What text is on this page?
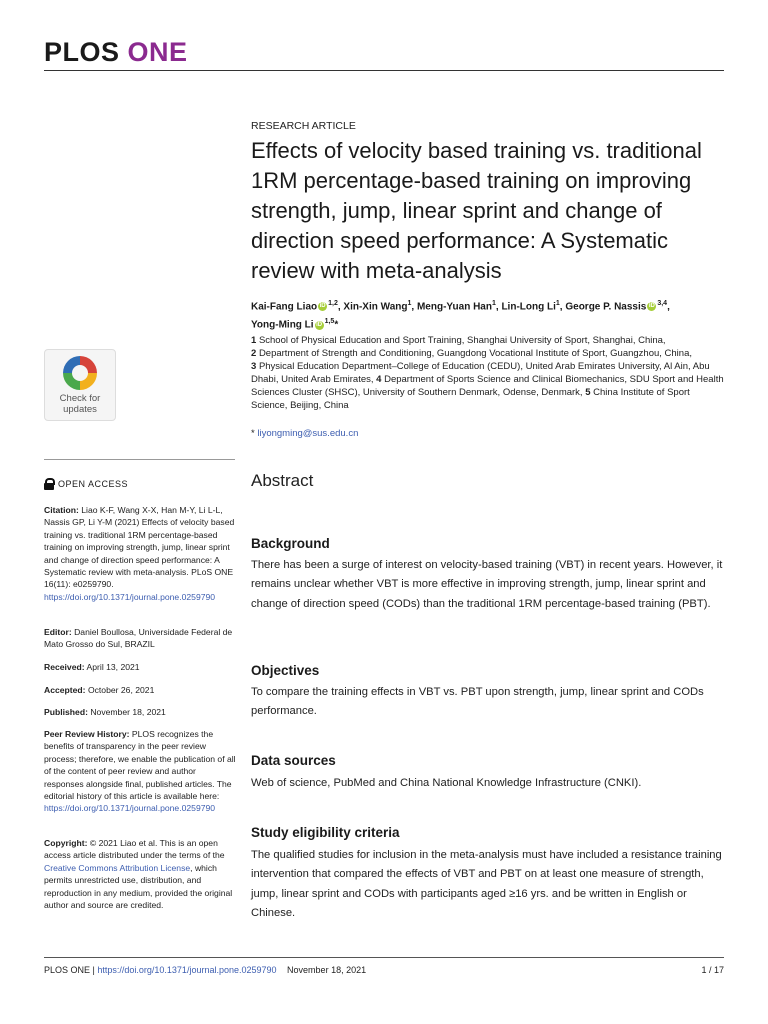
PLOS ONE
RESEARCH ARTICLE
Effects of velocity based training vs. traditional 1RM percentage-based training on improving strength, jump, linear sprint and change of direction speed performance: A Systematic review with meta-analysis
Kai-Fang Liao iD $^{1,2}$, Xin-Xin Wang$^1$, Meng-Yuan Han$^1$, Lin-Long Li$^1$, George P. Nassis iD $^{3,4}$,
Yong-Ming Li iD $^{1,5}$*
1 School of Physical Education and Sport Training, Shanghai University of Sport, Shanghai, China,
2 Department of Strength and Conditioning, Guangdong Vocational Institute of Sport, Guangzhou, China,
3 Physical Education Department–College of Education (CEDU), United Arab Emirates University, Al Ain, Abu Dhabi, United Arab Emirates, 4 Department of Sports Science and Clinical Biomechanics, SDU Sport and Health Sciences Cluster (SHSC), University of Southern Denmark, Odense, Denmark, 5 China Institute of Sport Science, Beijing, China
* liyongming@sus.edu.cn
Check for
updates
OPEN ACCESS
Citation: Liao K-F, Wang X-X, Han M-Y, Li L-L, Nassis GP, Li Y-M (2021) Effects of velocity based training vs. traditional 1RM percentage-based training on improving strength, jump, linear sprint and change of direction speed performance: A Systematic review with meta-analysis. PLoS ONE 16(11): e0259790. https://doi.org/10.1371/journal.pone.0259790
Editor: Daniel Boullosa, Universidade Federal de Mato Grosso do Sul, BRAZIL
Received: April 13, 2021
Accepted: October 26, 2021
Published: November 18, 2021
Peer Review History: PLOS recognizes the benefits of transparency in the peer review process; therefore, we enable the publication of all of the content of peer review and author responses alongside final, published articles. The editorial history of this article is available here: https://doi.org/10.1371/journal.pone.0259790
Copyright: © 2021 Liao et al. This is an open access article distributed under the terms of the Creative Commons Attribution License, which permits unrestricted use, distribution, and reproduction in any medium, provided the original author and source are credited.
Abstract
Background
There has been a surge of interest on velocity-based training (VBT) in recent years. However, it remains unclear whether VBT is more effective in improving strength, jump, linear sprint and change of direction speed (CODs) than the traditional 1RM percentage-based training (PBT).
Objectives
To compare the training effects in VBT vs. PBT upon strength, jump, linear sprint and CODs performance.
Data sources
Web of science, PubMed and China National Knowledge Infrastructure (CNKI).
Study eligibility criteria
The qualified studies for inclusion in the meta-analysis must have included a resistance training intervention that compared the effects of VBT and PBT on at least one measure of strength, jump, linear sprint and CODs with participants aged ≥16 yrs. and be written in English or Chinese.
PLOS ONE | https://doi.org/10.1371/journal.pone.0259790 November 18, 2021	1 / 17
